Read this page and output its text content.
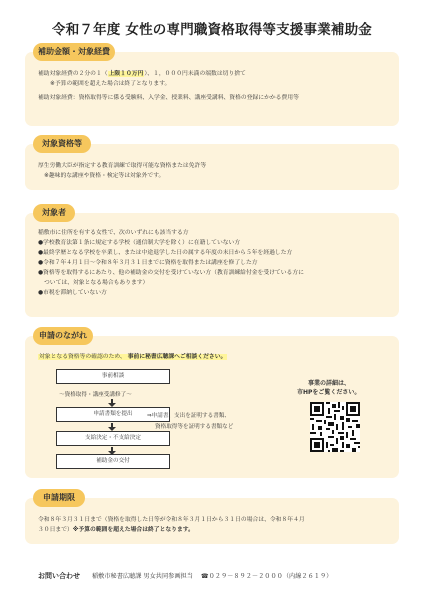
令和７年度 女性の専門職資格取得等支援事業補助金
補助金額・対象経費
補助対象経費の２分の１（上限１０万円）、１，０００円未満の端数は切り捨て
※予算の範囲を超えた場合は終了となります。
補助対象経費：資格取得等に係る受験料、入学金、授業料、講座受講料、資格の登録にかかる費用等
対象資格等
厚生労働大臣が指定する教育訓練で取得可能な資格または免許等
※趣味的な講座や資格・検定等は対象外です。
対象者
稲敷市に住所を有する女性で、次のいずれにも該当する方
●学校教育法第１条に規定する学校（通信制大学を除く）に在籍していない方
●最終学歴となる学校を卒業し、または中途退学した日の属する年度の末日から５年を経過した方
●令和７年４月１日～令和８年３月３１日までに資格を取得または講座を修了した方
●資格等を取得するにあたり、他の補助金の交付を受けていない方（教育訓練給付金を受けている方に
ついては、対象となる場合もあります）
●市税を滞納していない方
申請のながれ
対象となる資格等の確認のため、 事前に秘書広聴課へご相談ください。
事前相談
～資格取得・講座受講修了～
申請書類を提出	⇒申請書、支出を証明する書類、
資格取得等を証明する書類など
支給決定・不支給決定
補助金の交付
事業の詳細は、
市HPをご覧ください。
申請期限
令和８年３月３１日まで（資格を取得した日等が令和８年３月１日から３１日の場合は、令和８年４月
３０日まで）※予算の範囲を超えた場合は終了となります。
お問い合わせ 稲敷市秘書広聴課 男女共同参画担当 ☎０２９－８９２－２０００（内線２６１９）
